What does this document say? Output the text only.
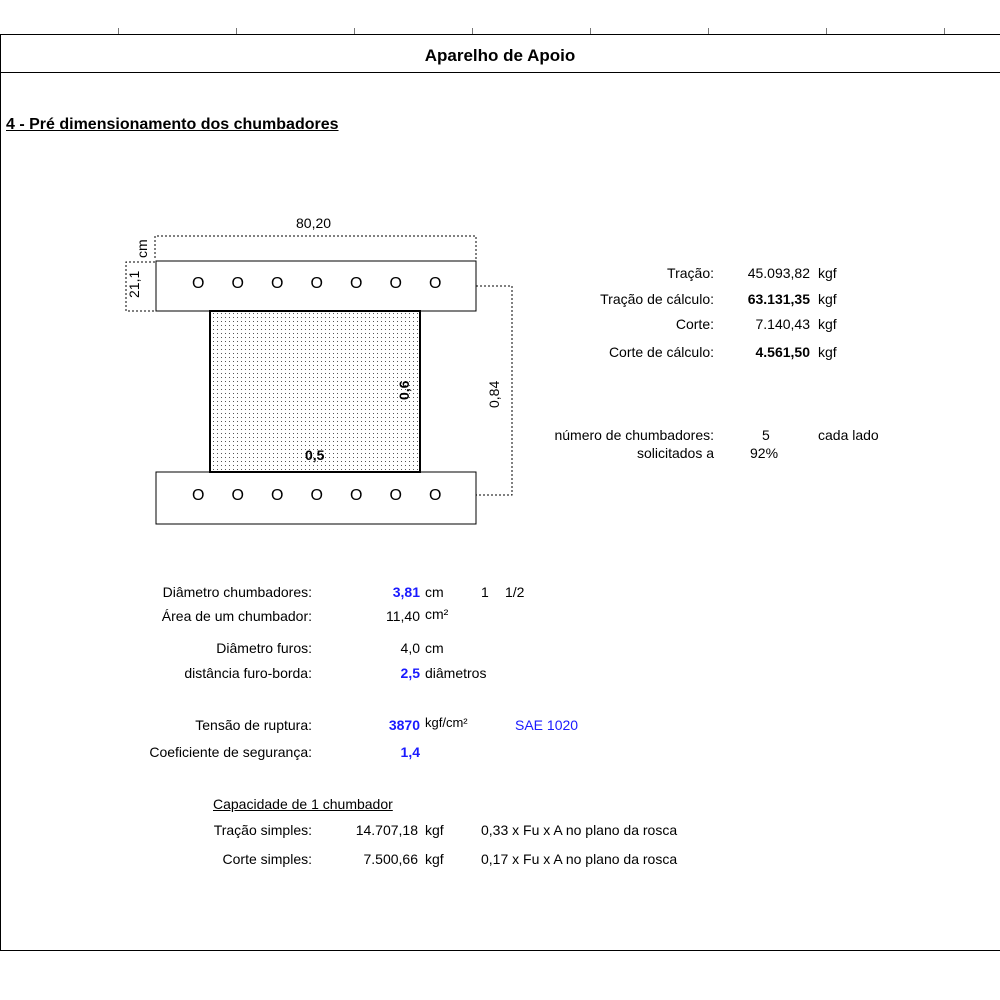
Aparelho de Apoio
4 - Pré dimensionamento dos chumbadores
O O O O O O O
O O O O O O O
80,20
21,1
cm
0,84
0,6
0,5
Tração:	45.093,82 kgf
Tração de cálculo:	63.131,35 kgf
Corte:	7.140,43 kgf
Corte de cálculo:	4.561,50 kgf
número de chumbadores:	5	cada lado
solicitados a	92%
Diâmetro chumbadores:	3,81 cm	1 1/2
Área de um chumbador:	11,40 cm²
Diâmetro furos:	4,0 cm
distância furo-borda:	2,5 diâmetros
Tensão de ruptura:	3870 kgf/cm²	SAE 1020
Coeficiente de segurança:	1,4
Capacidade de 1 chumbador
Tração simples:	14.707,18 kgf	0,33 x Fu x A no plano da rosca
Corte simples:	7.500,66 kgf	0,17 x Fu x A no plano da rosca
